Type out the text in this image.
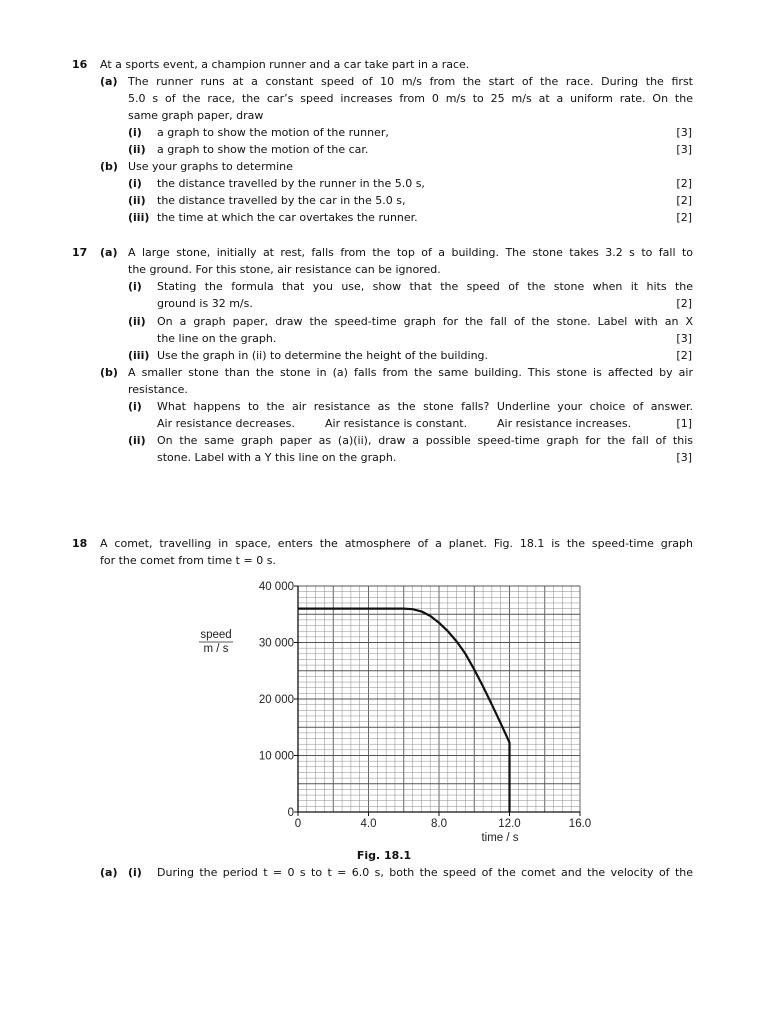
16 At a sports event, a champion runner and a car take part in a race.
(a) The runner runs at a constant speed of 10 m/s from the start of the race. During the first
5.0 s of the race, the car’s speed increases from 0 m/s to 25 m/s at a uniform rate. On the
same graph paper, draw
(i) a graph to show the motion of the runner,	[3]
(ii) a graph to show the motion of the car.	[3]
(b) Use your graphs to determine
(i) the distance travelled by the runner in the 5.0 s,	[2]
(ii) the distance travelled by the car in the 5.0 s,	[2]
(iii) the time at which the car overtakes the runner.	[2]
17 (a) A large stone, initially at rest, falls from the top of a building. The stone takes 3.2 s to fall to
the ground. For this stone, air resistance can be ignored.
(i) Stating the formula that you use, show that the speed of the stone when it hits the
ground is 32 m/s.	[2]
(ii) On a graph paper, draw the speed-time graph for the fall of the stone. Label with an X
the line on the graph.	[3]
(iii) Use the graph in (ii) to determine the height of the building.	[2]
(b) A smaller stone than the stone in (a) falls from the same building. This stone is affected by air
resistance.
(i) What happens to the air resistance as the stone falls? Underline your choice of answer.
Air resistance decreases.	Air resistance is constant.	Air resistance increases.	[1]
(ii) On the same graph paper as (a)(ii), draw a possible speed-time graph for the fall of this
stone. Label with a Y this line on the graph.	[3]
18 A comet, travelling in space, enters the atmosphere of a planet. Fig. 18.1 is the speed-time graph
for the comet from time t = 0 s.
0
10 000
20 000
30 000
40 000
0	4.0	8.0	12.0	16.0
speed
m / s
time / s
Fig. 18.1
(a) (i) During the period t = 0 s to t = 6.0 s, both the speed of the comet and the velocity of the
